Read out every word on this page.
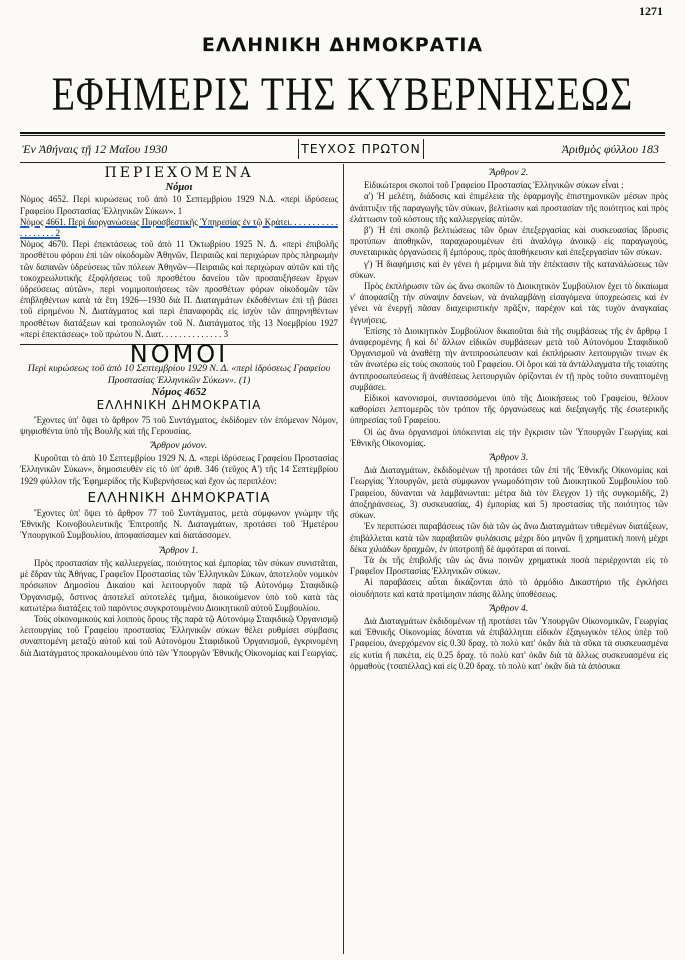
1271
ΕΛΛΗΝΙΚΗ ΔΗΜΟΚΡΑΤΙΑ
ΕΦΗΜΕΡΙΣ ΤΗΣ ΚΥΒΕΡΝΗΣΕΩΣ
Ἐν Ἀθήναις τῇ 12 Μαΐου 1930	ΤΕΥΧΟΣ ΠΡΩΤΟΝ	Ἀριθμὸς φύλλου 183
ΠΕΡΙΕΧΟΜΕΝΑ
Νόμοι

Νόμος 4652. Περὶ κυρώσεως τοῦ ἀπὸ 10 Σεπτεμβρίου 1929 Ν.Δ. «περὶ ἱδρύσεως Γραφείου Προστασίας Ἑλληνικῶν Σύκων». 1

Νόμος 4661. Περὶ διοργανώσεως Πυροσβεστικῆς Ὑπηρεσίας ἐν τῷ Κράτει. . . . . . . . . . . . . . . . . . . 2

Νόμος 4670. Περὶ ἐπεκτάσεως τοῦ ἀπὸ 11 Ὀκτωβρίου 1925 Ν. Δ. «περὶ ἐπιβολῆς προσθέτου φόρου ἐπὶ τῶν οἰκοδομῶν Ἀθηνῶν, Πειραιῶς καὶ περιχώρων πρὸς πληρωμὴν τῶν δαπανῶν ὑδρεύσεως τῶν πόλεων Ἀθηνῶν—Πειραιῶς καὶ περιχώρων αὐτῶν καὶ τῆς τοκοχρεωλυτικῆς ἐξοφλήσεως τοῦ προσθέτου δανείου τῶν προσαυξήσεων ἔργων ὑδρεύσεως αὐτῶν», περὶ νομιμοποιήσεως τῶν προσθέτων φόρων οἰκοδομῶν τῶν ἐπιβληθέντων κατὰ τὰ ἔτη 1926—1930 διὰ Π. Διαταγμάτων ἐκδοθέντων ἐπὶ τῇ βάσει τοῦ εἰρημένου Ν. Διατάγματος καὶ περὶ ἐπαναφορᾶς εἰς ἰσχὺν τῶν ἀπηρνηθέντων προσθέτων διατάξεων καὶ τροπολογιῶν τοῦ Ν. Διατάγματος τῆς 13 Νοεμβρίου 1927 «περὶ ἐπεκτάσεως» τοῦ πρώτου Ν. Διατ. . . . . . . . . . . . . . 3

ΝΟΜΟΙ
Περὶ κυρώσεως τοῦ ἀπὸ 10 Σεπτεμβρίου 1929 Ν. Δ. «περὶ ἱδρύσεως Γραφείου Προστασίας Ἑλληνικῶν Σύκων». (1)
Νόμος 4652
ΕΛΛΗΝΙΚΗ ΔΗΜΟΚΡΑΤΙΑ

Ἔχοντες ὑπ' ὄψει τὸ ἄρθρον 75 τοῦ Συντάγματος, ἐκδίδομεν τὸν ἑπόμενον Νόμον, ψηφισθέντα ὑπὸ τῆς Βουλῆς καὶ τῆς Γερουσίας.

Ἄρθρον μόνον.

Κυροῦται τὸ ἀπὸ 10 Σεπτεμβρίου 1929 Ν. Δ. «περὶ ἱδρύσεως Γραφείου Προστασίας Ἑλληνικῶν Σύκων», δημοσιευθὲν εἰς τὸ ὑπ' ἀριθ. 346 (τεῦχος Α') τῆς 14 Σεπτεμβρίου 1929 φύλλον τῆς Ἐφημερίδος τῆς Κυβερνήσεως καὶ ἔχον ὡς περιπλέον:

ΕΛΛΗΝΙΚΗ ΔΗΜΟΚΡΑΤΙΑ

Ἔχοντες ὑπ' ὄψει τὸ ἄρθρον 77 τοῦ Συντάγματος, μετὰ σύμφωνον γνώμην τῆς Ἐθνικῆς Κοινοβουλευτικῆς Ἐπιτροπῆς Ν. Διαταγμάτων, προτάσει τοῦ Ἡμετέρου Ὑπουργικοῦ Συμβουλίου, ἀποφασίσαμεν καὶ διατάσσομεν.

Ἄρθρον 1.

Πρὸς προστασίαν τῆς καλλιεργείας, ποιότητος καὶ ἐμπορίας τῶν σύκων συνιστᾶται, μὲ ἕδραν τὰς Ἀθήνας, Γραφεῖον Προστασίας τῶν Ἑλληνικῶν Σύκων, ἀποτελοῦν νομικὸν πρόσωπον Δημοσίου Δικαίου καὶ λειτουργοῦν παρὰ τῷ Αὐτονόμῳ Σταφιδικῷ Ὀργανισμῷ, ὅστινος ἀποτελεῖ αὐτοτελὲς τμῆμα, διοικούμενον ὑπὸ τοῦ κατὰ τὰς κατωτέρω διατάξεις τοῦ παρόντος συγκροτουμένου Διοικητικοῦ αὐτοῦ Συμβουλίου.

Τοὺς οἰκονομικοὺς καὶ λοιποὺς ὅρους τῆς παρὰ τῷ Αὐτονόμῳ Σταφιδικῷ Ὀργανισμῷ λειτουργίας τοῦ Γραφείου προστασίας Ἑλληνικῶν σύκων θέλει ρυθμίσει σύμβασις συναπτομένη μεταξὺ αὐτοῦ καὶ τοῦ Αὐτονόμου Σταφιδικοῦ Ὀργανισμοῦ, ἐγκρινομένη διὰ Διατάγματος προκαλουμένου ὑπὸ τῶν Ὑπουργῶν Ἐθνικῆς Οἰκονομίας καὶ Γεωργίας.

Ἄρθρον 2.

Εἰδικώτεροι σκοποὶ τοῦ Γραφείου Προστασίας Ἑλληνικῶν σύκων εἶναι :

α') Ἡ μελέτη, διάδοσις καὶ ἐπιμέλεια τῆς ἐφαρμογῆς ἐπιστημονικῶν μέσων πρὸς ἀνάπτυξιν τῆς παραγωγῆς τῶν σύκων, βελτίωσιν καὶ προστασίαν τῆς ποιότητος καὶ πρὸς ἐλάττωσιν τοῦ κόστους τῆς καλλιεργείας αὐτῶν.

β') Ἡ ἐπὶ σκοπῷ βελτιώσεως τῶν ὅρων ἐπεξεργασίας καὶ συσκευασίας ἵδρυσις προτύπων ἀποθηκῶν, παραχωρουμένων ἐπὶ ἀναλόγῳ ἀνοικῷ εἰς παραγωγούς, συνεταιρικὰς ὀργανώσεις ἢ ἐμπόρους, πρὸς ἀποθήκευσιν καὶ ἐπεξεργασίαν τῶν σύκων.

γ') Ἡ διαφήμισις καὶ ἐν γένει ἡ μέριμνα διὰ τὴν ἐπέκτασιν τῆς κατανάλώσεως τῶν σύκων.

Πρὸς ἐκπλήρωσιν τῶν ὡς ἄνω σκοπῶν τὸ Διοικητικὸν Συμβούλιον ἔχει τὸ δικαίωμα ν' ἀποφασίζῃ τὴν σύναψιν δανείων, νὰ ἀναλαμβάνῃ εἰσαγόμενα ὑποχρεώσεις καὶ ἐν γένει νὰ ἐνεργῇ πᾶσαν διαχειριστικὴν πρᾶξιν, παρέχον καὶ τὰς τυχὸν ἀναγκαίας ἐγγυήσεις.

Ἐπίσης τὸ Διοικητικὸν Συμβούλιον δικαιοῦται διὰ τῆς συμβάσεως τῆς ἐν ἄρθρῳ 1 ἀναφερομένης ἢ καὶ δι' ἄλλων εἰδικῶν συμβάσεων μετὰ τοῦ Αὐτονόμου Σταφιδικοῦ Ὀργανισμοῦ νὰ ἀναθέτῃ τὴν ἀντιπροσώπευσιν καὶ ἐκπλήρωσιν λειτουργιῶν τινων ἐκ τῶν ἀνωτέρω εἰς τοὺς σκοποὺς τοῦ Γραφείου. Οἱ ὅροι καὶ τὰ ἀντάλλαγματα τῆς τοιαύτης ἀντιπροσωπεύσεως ἢ ἀναθέσεως λειτουργιῶν ὁρίζονται ἐν τῇ πρὸς τοῦτο συναπτομένῃ συμβάσει.

Εἰδικοὶ κανονισμοί, συντασσόμενοι ὑπὸ τῆς Διοικήσεως τοῦ Γραφείου, θέλουν καθορίσει λεπτομερῶς τὸν τρόπον τῆς ὀργανώσεως καὶ διεξαγωγῆς τῆς ἐσωτερικῆς ὑπηρεσίας τοῦ Γραφείου.

Οἱ ὡς ἄνω ὀργανισμοὶ ὑπόκεινται εἰς τὴν ἔγκρισιν τῶν Ὑπουργῶν Γεωργίας καὶ Ἐθνικῆς Οἰκονομίας.

Ἄρθρον 3.

Διὰ Διαταγμάτων, ἐκδιδομένων τῇ προτάσει τῶν ἐπὶ τῆς Ἐθνικῆς Οἰκονομίας καὶ Γεωργίας Ὑπουργῶν, μετὰ σύμφωνον γνωμοδότησιν τοῦ Διοικητικοῦ Συμβουλίου τοῦ Γραφείου, δύνανται νὰ λαμβάνωνται: μέτρα διὰ τὸν ἔλεγχον 1) τῆς συγκομιδῆς, 2) ἀποξηράνσεως, 3) συσκευασίας, 4) ἐμπορίας καὶ 5) προστασίας τῆς ποιότητος τῶν σύκων.

Ἐν περιπτώσει παραβάσεως τῶν διὰ τῶν ὡς ἄνω Διαταγμάτων τιθεμένων διατάξεων, ἐπιβάλλεται κατὰ τῶν παραβατῶν φυλάκισις μέχρι δύο μηνῶν ἢ χρηματικὴ ποινὴ μέχρι δέκα χιλιάδων δραχμῶν, ἐν ὑποτροπῇ δὲ ἀμφότεραι αἱ ποιναί.

Τὰ ἐκ τῆς ἐπιβολῆς τῶν ὡς ἄνω ποινῶν χρηματικὰ ποσὰ περιέρχονται εἰς τὸ Γραφεῖον Προστασίας Ἑλληνικῶν σύκων.

Αἱ παραβάσεις αὗται δικάζονται ἀπὸ τὸ ἁρμόδιο Δικαστήριο τῆς ἐγκλήσει οἱουδήποτε καὶ κατὰ προτίμησιν πάσης ἄλλης ὑποθέσεως.

Ἄρθρον 4.

Διὰ Διαταγμάτων ἐκδιδομένων τῇ προτάσει τῶν Ὑπουργῶν Οἰκονομικῶν, Γεωργίας καὶ Ἐθνικῆς Οἰκονομίας δύναται νὰ ἐπιβάλληται εἰδικὸν ἐξαγωγικὸν τέλος ὑπὲρ τοῦ Γραφείου, ἀνερχόμενον εἰς 0.30 δραχ. τὸ πολὺ κατ' ὀκᾶν διὰ τὰ σῦκα τὰ συσκευασμένα εἰς κυτία ἢ πακέτα, εἰς 0.25 δραχ. τὸ πολὺ κατ' ὀκᾶν διὰ τὰ ἄλλως συσκευασμένα εἰς ὁρμαθοὺς (τσαπέλλας) καὶ εἰς 0.20 δραχ. τὸ πολὺ κατ' ὀκᾶν διὰ τὰ ἀπόσυκα
